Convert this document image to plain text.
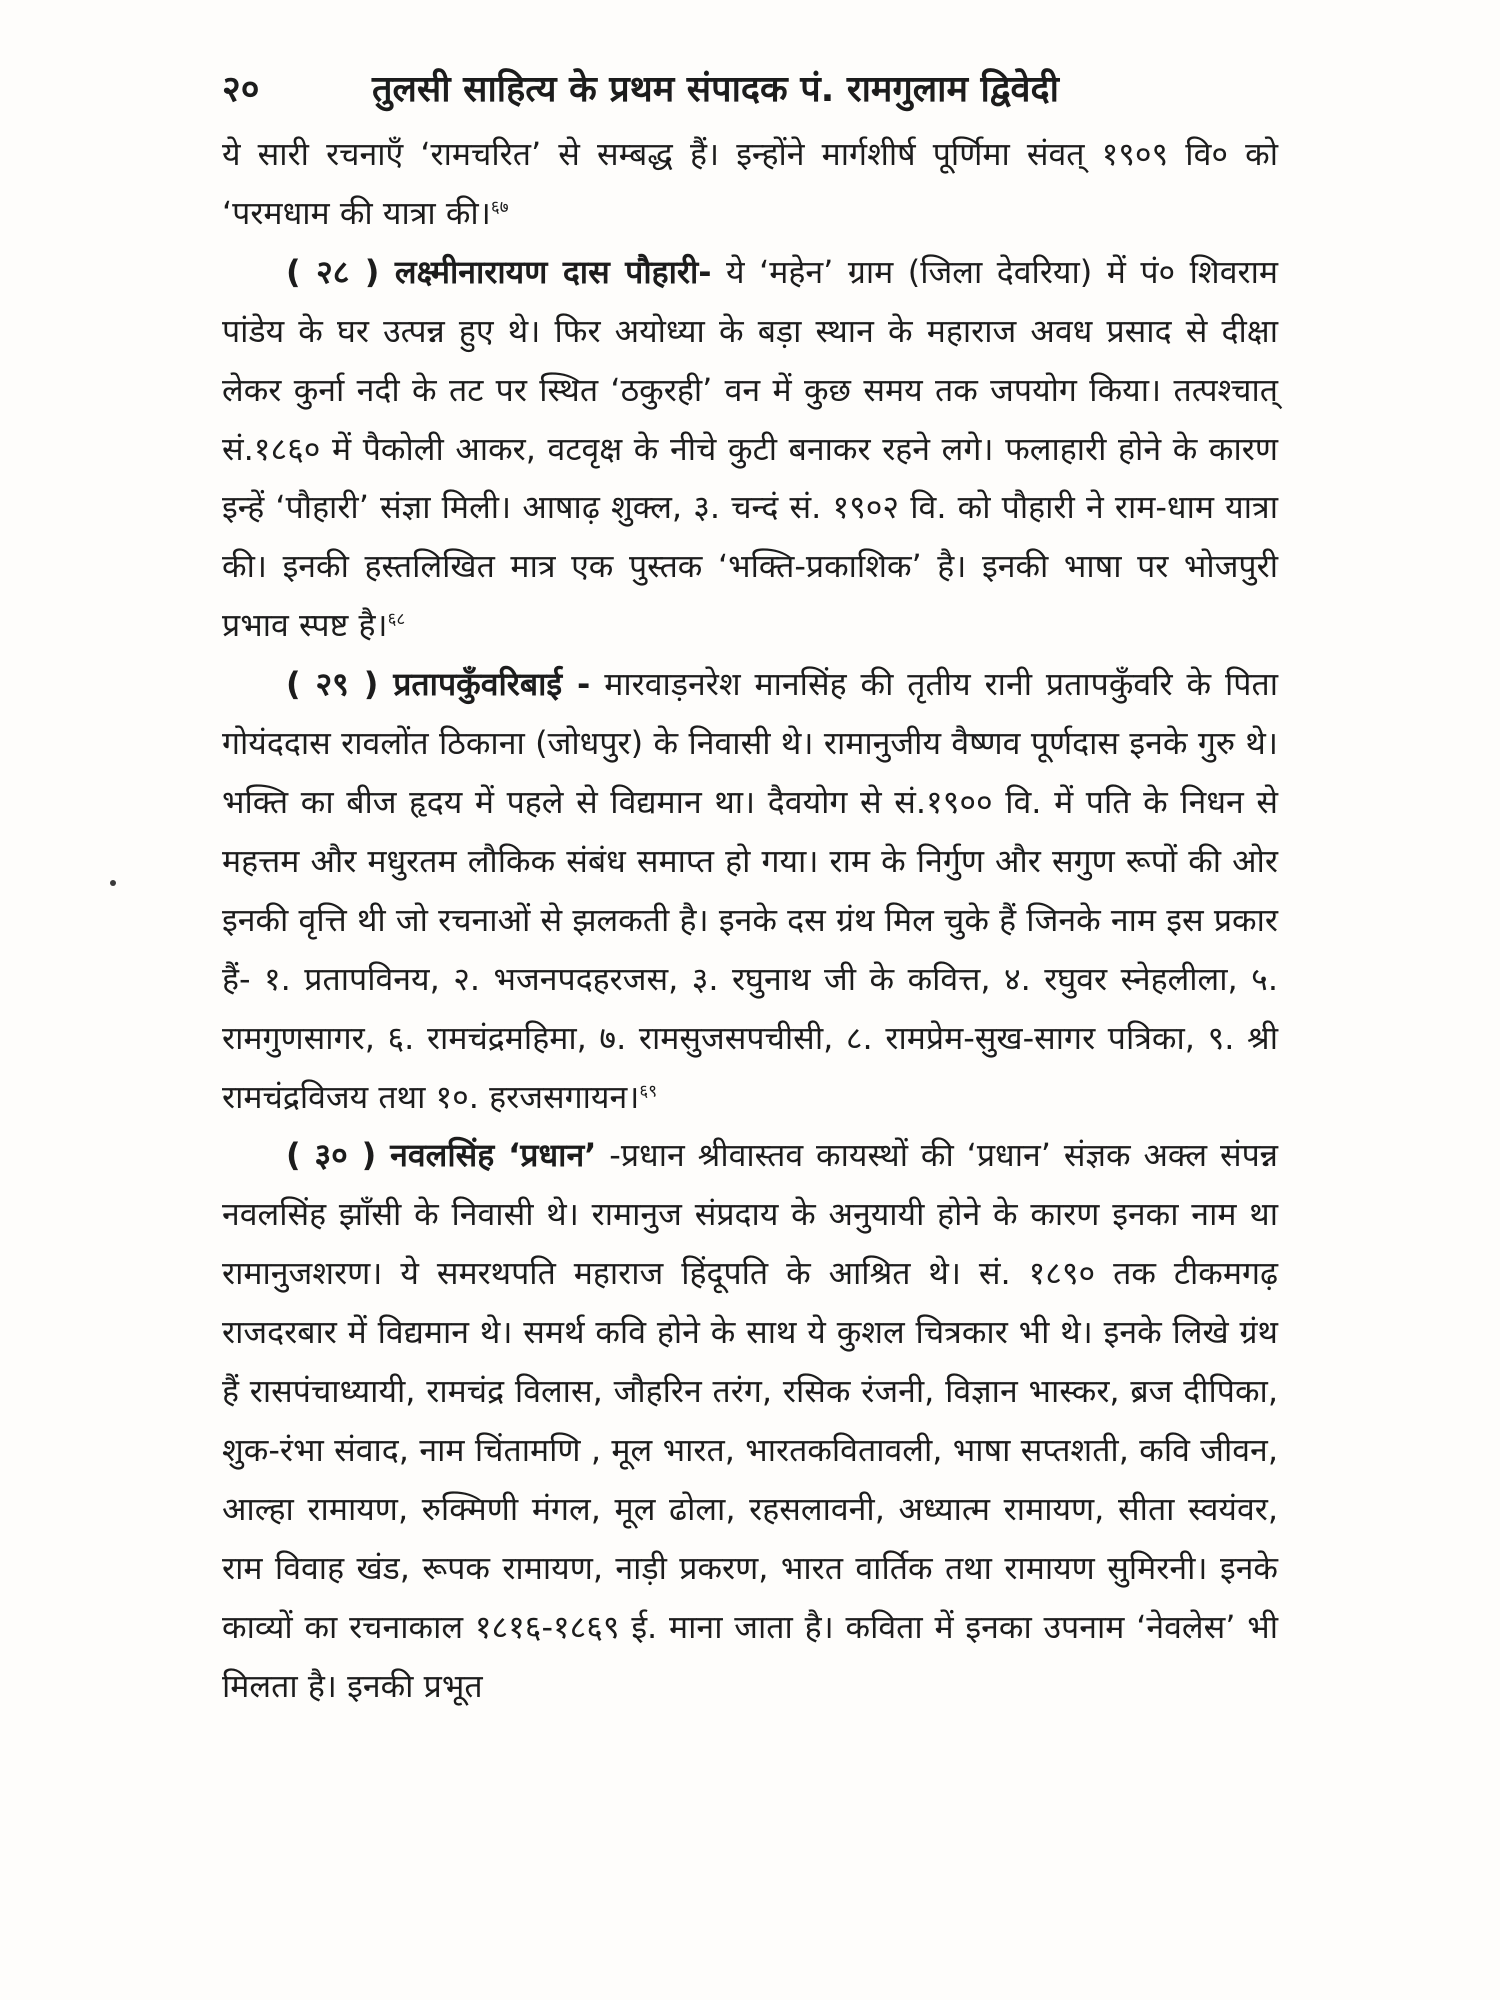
२०	तुलसी साहित्य के प्रथम संपादक पं. रामगुलाम द्विवेदी

ये सारी रचनाएँ ‘रामचरित’ से सम्बद्ध हैं। इन्होंने मार्गशीर्ष पूर्णिमा संवत् १९०९ वि० को ‘परमधाम की यात्रा की।$^{६७}$

( २८ ) लक्ष्मीनारायण दास पौहारी- ये ‘महेन’ ग्राम (जिला देवरिया) में पं० शिवराम पांडेय के घर उत्पन्न हुए थे। फिर अयोध्या के बड़ा स्थान के महाराज अवध प्रसाद से दीक्षा लेकर कुर्ना नदी के तट पर स्थित ‘ठकुरही’ वन में कुछ समय तक जपयोग किया। तत्पश्चात् सं.१८६० में पैकोली आकर, वटवृक्ष के नीचे कुटी बनाकर रहने लगे। फलाहारी होने के कारण इन्हें ‘पौहारी’ संज्ञा मिली। आषाढ़ शुक्ल, ३. चन्दं सं. १९०२ वि. को पौहारी ने राम-धाम यात्रा की। इनकी हस्तलिखित मात्र एक पुस्तक ‘भक्ति-प्रकाशिक’ है। इनकी भाषा पर भोजपुरी प्रभाव स्पष्ट है।$^{६८}$

( २९ ) प्रतापकुँवरिबाई - मारवाड़नरेश मानसिंह की तृतीय रानी प्रतापकुँवरि के पिता गोयंददास रावलोंत ठिकाना (जोधपुर) के निवासी थे। रामानुजीय वैष्णव पूर्णदास इनके गुरु थे। भक्ति का बीज हृदय में पहले से विद्यमान था। दैवयोग से सं.१९०० वि. में पति के निधन से महत्तम और मधुरतम लौकिक संबंध समाप्त हो गया। राम के निर्गुण और सगुण रूपों की ओर इनकी वृत्ति थी जो रचनाओं से झलकती है। इनके दस ग्रंथ मिल चुके हैं जिनके नाम इस प्रकार हैं- १. प्रतापविनय, २. भजनपदहरजस, ३. रघुनाथ जी के कवित्त, ४. रघुवर स्नेहलीला, ५. रामगुणसागर, ६. रामचंद्रमहिमा, ७. रामसुजसपचीसी, ८. रामप्रेम-सुख-सागर पत्रिका, ९. श्री रामचंद्रविजय तथा १०. हरजसगायन।$^{६९}$

( ३० ) नवलसिंह ‘प्रधान’ -प्रधान श्रीवास्तव कायस्थों की ‘प्रधान’ संज्ञक अक्ल संपन्न नवलसिंह झाँसी के निवासी थे। रामानुज संप्रदाय के अनुयायी होने के कारण इनका नाम था रामानुजशरण। ये समरथपति महाराज हिंदूपति के आश्रित थे। सं. १८९० तक टीकमगढ़ राजदरबार में विद्यमान थे। समर्थ कवि होने के साथ ये कुशल चित्रकार भी थे। इनके लिखे ग्रंथ हैं रासपंचाध्यायी, रामचंद्र विलास, जौहरिन तरंग, रसिक रंजनी, विज्ञान भास्कर, ब्रज दीपिका, शुक-रंभा संवाद, नाम चिंतामणि , मूल भारत, भारतकवितावली, भाषा सप्तशती, कवि जीवन, आल्हा रामायण, रुक्मिणी मंगल, मूल ढोला, रहसलावनी, अध्यात्म रामायण, सीता स्वयंवर, राम विवाह खंड, रूपक रामायण, नाड़ी प्रकरण, भारत वार्तिक तथा रामायण सुमिरनी। इनके काव्यों का रचनाकाल १८१६-१८६९ ई. माना जाता है। कविता में इनका उपनाम ‘नेवलेस’ भी मिलता है। इनकी प्रभूत
